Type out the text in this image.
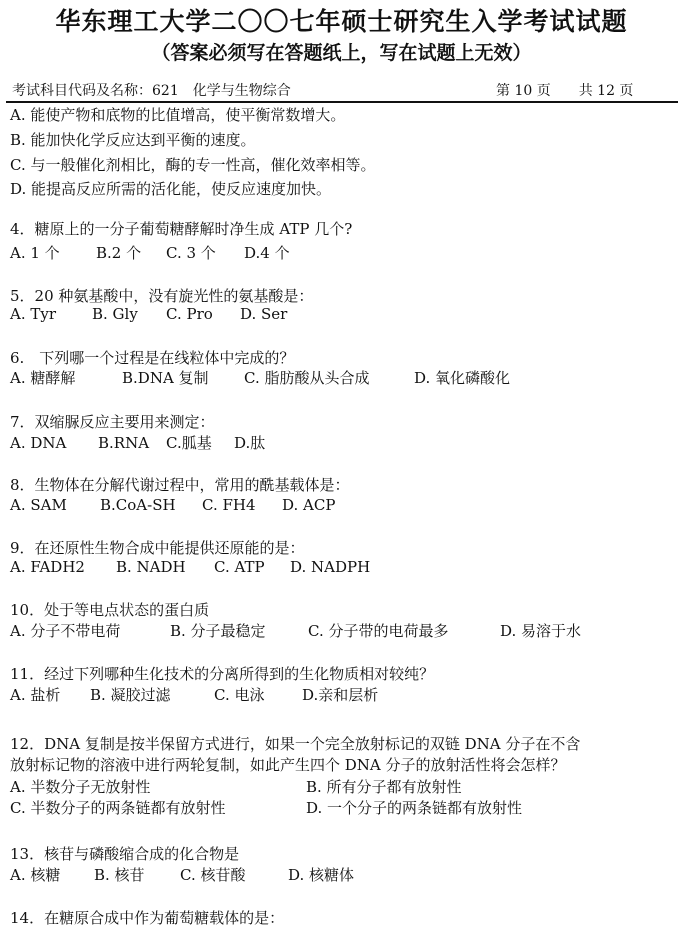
华东理工大学二〇〇七年硕士研究生入学考试试题
（答案必须写在答题纸上，写在试题上无效）
考试科目代码及名称：621　化学与生物综合	第 10 页 共 12 页
A. 能使产物和底物的比值增高，使平衡常数增大。
B. 能加快化学反应达到平衡的速度。
C. 与一般催化剂相比，酶的专一性高，催化效率相等。
D. 能提高反应所需的活化能，使反应速度加快。
4．糖原上的一分子葡萄糖酵解时净生成 ATP 几个?
A. 1 个 B.2 个 C. 3 个 D.4 个
5．20 种氨基酸中，没有旋光性的氨基酸是：
A. Tyr B. Gly C. Pro D. Ser
6.　下列哪一个过程是在线粒体中完成的？
A. 糖酵解	B.DNA 复制 C. 脂肪酸从头合成	D. 氧化磷酸化
7．双缩脲反应主要用来测定：
A. DNA B.RNA C.胍基 D.肽
8．生物体在分解代谢过程中，常用的酰基载体是：
A. SAM B.CoA-SH C. FH4 D. ACP
9．在还原性生物合成中能提供还原能的是：
A. FADH2 B. NADH C. ATP D. NADPH
10．处于等电点状态的蛋白质
A. 分子不带电荷	B. 分子最稳定	C. 分子带的电荷最多	D. 易溶于水
11．经过下列哪种生化技术的分离所得到的生化物质相对较纯？
A. 盐析 B. 凝胶过滤	C. 电泳	D.亲和层析
12．DNA 复制是按半保留方式进行，如果一个完全放射标记的双链 DNA 分子在不含
放射标记物的溶液中进行两轮复制，如此产生四个 DNA 分子的放射活性将会怎样？
A. 半数分子无放射性	B. 所有分子都有放射性
C. 半数分子的两条链都有放射性	D. 一个分子的两条链都有放射性
13．核苷与磷酸缩合成的化合物是
A. 核糖 B. 核苷 C. 核苷酸	D. 核糖体
14．在糖原合成中作为葡萄糖载体的是：
